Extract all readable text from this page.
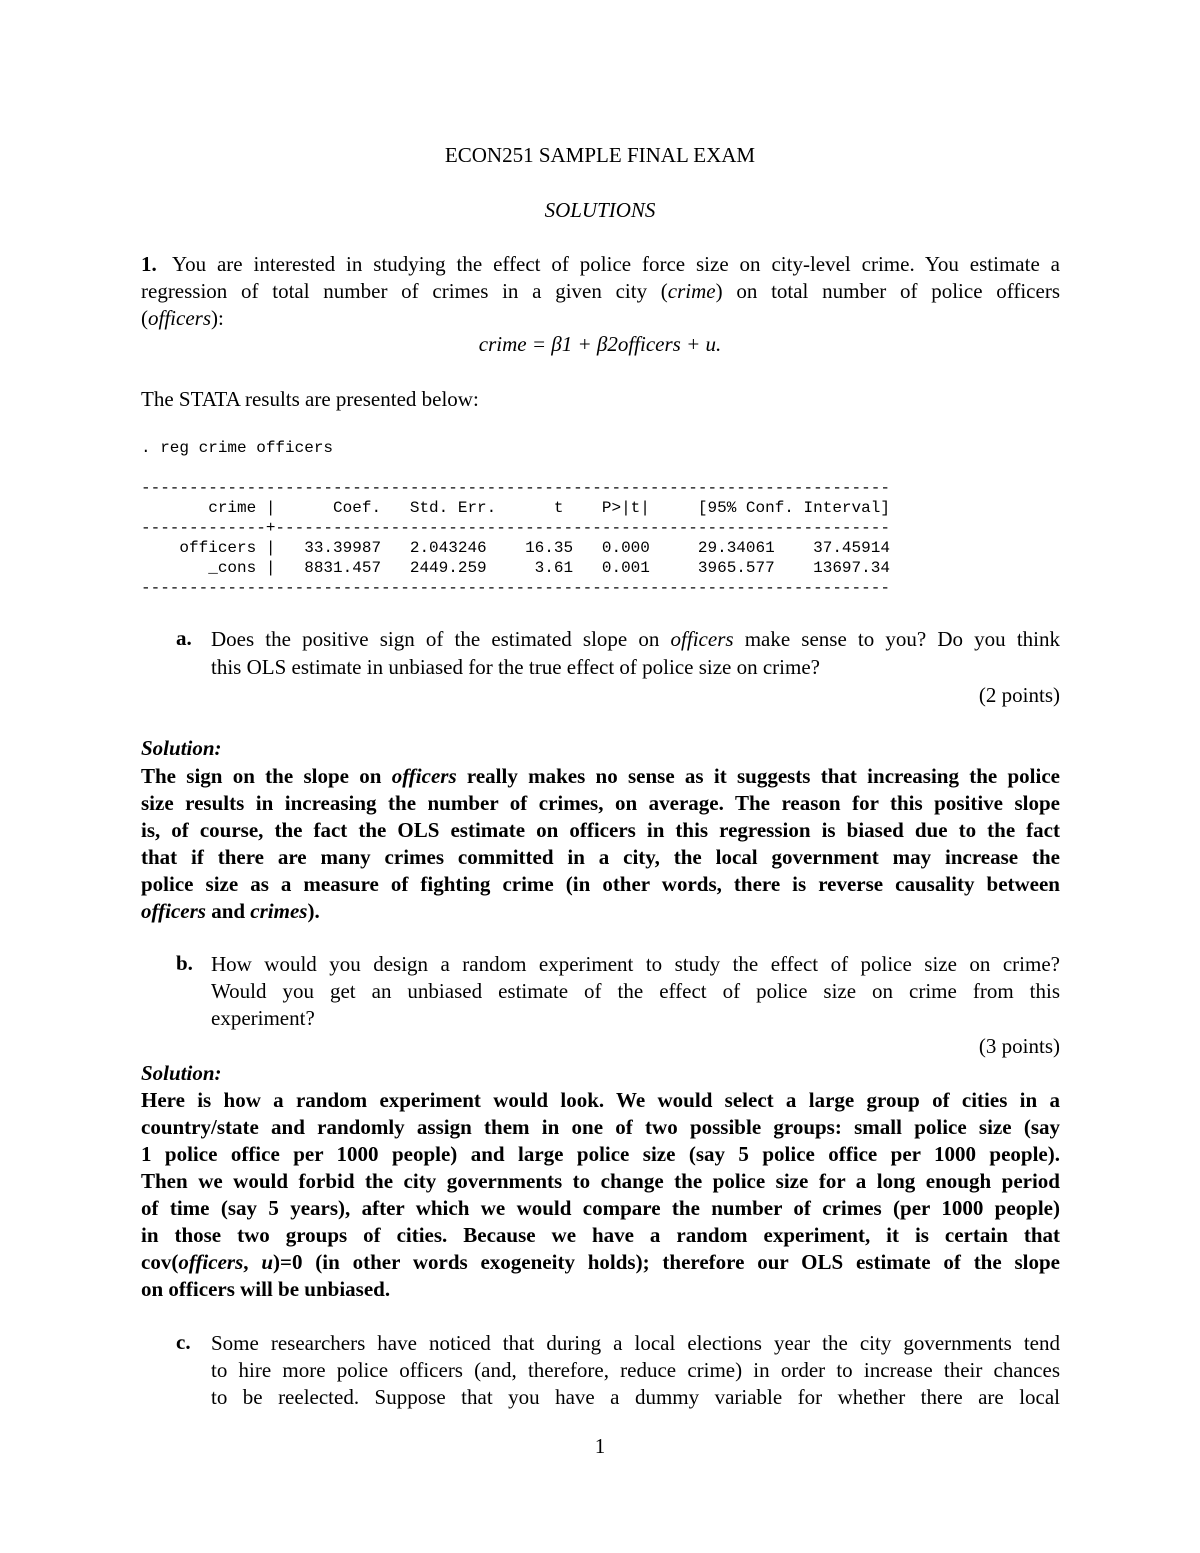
ECON251 SAMPLE FINAL EXAM
SOLUTIONS
1. You are interested in studying the effect of police force size on city-level crime. You estimate a
regression of total number of crimes in a given city (crime) on total number of police officers
(officers):
crime = β1 + β2officers + u.
The STATA results are presented below:
. reg crime officers
------------------------------------------------------------------------------
crime |      Coef.   Std. Err.      t    P>|t|     [95% Conf. Interval]
-------------+----------------------------------------------------------------
officers |   33.39987   2.043246    16.35   0.000     29.34061    37.45914
_cons |   8831.457   2449.259     3.61   0.001     3965.577    13697.34
------------------------------------------------------------------------------
a. Does the positive sign of the estimated slope on officers make sense to you? Do you think
this OLS estimate in unbiased for the true effect of police size on crime?
(2 points)
Solution:
The sign on the slope on officers really makes no sense as it suggests that increasing the police
size results in increasing the number of crimes, on average. The reason for this positive slope
is, of course, the fact the OLS estimate on officers in this regression is biased due to the fact
that if there are many crimes committed in a city, the local government may increase the
police size as a measure of fighting crime (in other words, there is reverse causality between
officers and crimes).
b. How would you design a random experiment to study the effect of police size on crime?
Would you get an unbiased estimate of the effect of police size on crime from this
experiment?
(3 points)
Solution:
Here is how a random experiment would look. We would select a large group of cities in a
country/state and randomly assign them in one of two possible groups: small police size (say
1 police office per 1000 people) and large police size (say 5 police office per 1000 people).
Then we would forbid the city governments to change the police size for a long enough period
of time (say 5 years), after which we would compare the number of crimes (per 1000 people)
in those two groups of cities. Because we have a random experiment, it is certain that
cov(officers, u)=0 (in other words exogeneity holds); therefore our OLS estimate of the slope
on officers will be unbiased.
c. Some researchers have noticed that during a local elections year the city governments tend
to hire more police officers (and, therefore, reduce crime) in order to increase their chances
to be reelected. Suppose that you have a dummy variable for whether there are local
1
